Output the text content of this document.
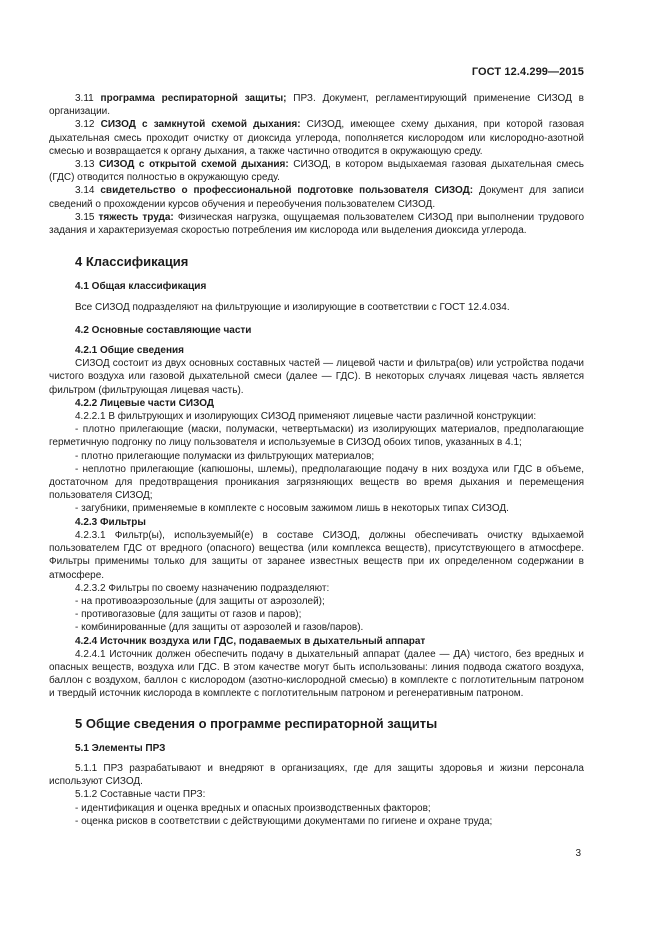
ГОСТ 12.4.299—2015

3.11 программа респираторной защиты; ПРЗ. Документ, регламентирующий применение СИЗОД в организации.

3.12 СИЗОД с замкнутой схемой дыхания: СИЗОД, имеющее схему дыхания, при которой газовая дыхательная смесь проходит очистку от диоксида углерода, пополняется кислородом или кислородно-азотной смесью и возвращается к органу дыхания, а также частично отводится в окружающую среду.

3.13 СИЗОД с открытой схемой дыхания: СИЗОД, в котором выдыхаемая газовая дыхательная смесь (ГДС) отводится полностью в окружающую среду.

3.14 свидетельство о профессиональной подготовке пользователя СИЗОД: Документ для записи сведений о прохождении курсов обучения и переобучения пользователем СИЗОД.

3.15 тяжесть труда: Физическая нагрузка, ощущаемая пользователем СИЗОД при выполнении трудового задания и характеризуемая скоростью потребления им кислорода или выделения диоксида углерода.

4 Классификация
4.1 Общая классификация

Все СИЗОД подразделяют на фильтрующие и изолирующие в соответствии с ГОСТ 12.4.034.

4.2 Основные составляющие части
4.2.1 Общие сведения

СИЗОД состоит из двух основных составных частей — лицевой части и фильтра(ов) или устройства подачи чистого воздуха или газовой дыхательной смеси (далее — ГДС). В некоторых случаях лицевая часть является фильтром (фильтрующая лицевая часть).

4.2.2 Лицевые части СИЗОД

4.2.2.1 В фильтрующих и изолирующих СИЗОД применяют лицевые части различной конструкции:

- плотно прилегающие (маски, полумаски, четвертьмаски) из изолирующих материалов, предполагающие герметичную подгонку по лицу пользователя и используемые в СИЗОД обоих типов, указанных в 4.1;

- плотно прилегающие полумаски из фильтрующих материалов;

- неплотно прилегающие (капюшоны, шлемы), предполагающие подачу в них воздуха или ГДС в объеме, достаточном для предотвращения проникания загрязняющих веществ во время дыхания и перемещения пользователя СИЗОД;

- загубники, применяемые в комплекте с носовым зажимом лишь в некоторых типах СИЗОД.

4.2.3 Фильтры

4.2.3.1 Фильтр(ы), используемый(е) в составе СИЗОД, должны обеспечивать очистку вдыхаемой пользователем ГДС от вредного (опасного) вещества (или комплекса веществ), присутствующего в атмосфере. Фильтры применимы только для защиты от заранее известных веществ при их определенном содержании в атмосфере.

4.2.3.2 Фильтры по своему назначению подразделяют:

- на противоаэрозольные (для защиты от аэрозолей);

- противогазовые (для защиты от газов и паров);

- комбинированные (для защиты от аэрозолей и газов/паров).

4.2.4 Источник воздуха или ГДС, подаваемых в дыхательный аппарат

4.2.4.1 Источник должен обеспечить подачу в дыхательный аппарат (далее — ДА) чистого, без вредных и опасных веществ, воздуха или ГДС. В этом качестве могут быть использованы: линия подвода сжатого воздуха, баллон с воздухом, баллон с кислородом (азотно-кислородной смесью) в комплекте с поглотительным патроном и твердый источник кислорода в комплекте с поглотительным патроном и регенеративным патроном.

5 Общие сведения о программе респираторной защиты
5.1 Элементы ПРЗ

5.1.1 ПРЗ разрабатывают и внедряют в организациях, где для защиты здоровья и жизни персонала используют СИЗОД.

5.1.2 Составные части ПРЗ:

- идентификация и оценка вредных и опасных производственных факторов;

- оценка рисков в соответствии с действующими документами по гигиене и охране труда;

3
